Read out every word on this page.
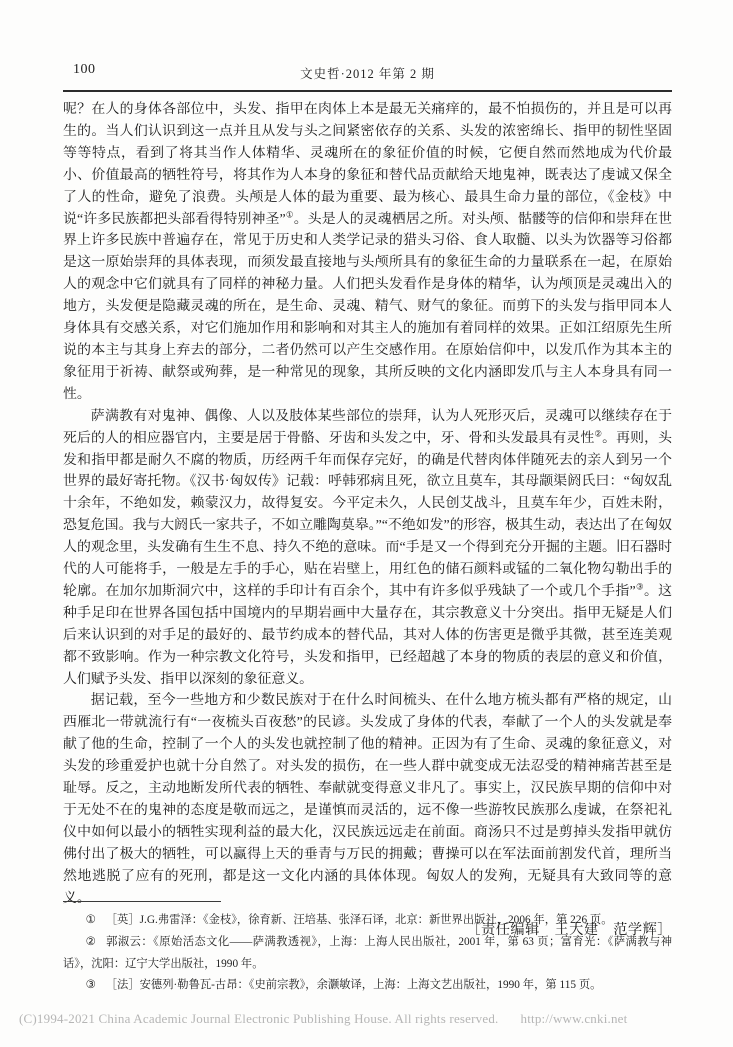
100	文史哲·2012 年第 2 期

呢？在人的身体各部位中，头发、指甲在肉体上本是最无关痛痒的，最不怕损伤的，并且是可以再生的。当人们认识到这一点并且从发与头之间紧密依存的关系、头发的浓密绵长、指甲的韧性坚固等等特点，看到了将其当作人体精华、灵魂所在的象征价值的时候，它便自然而然地成为代价最小、价值最高的牺牲符号，将其作为人本身的象征和替代品贡献给天地鬼神，既表达了虔诚又保全了人的性命，避免了浪费。头颅是人体的最为重要、最为核心、最具生命力量的部位，《金枝》中说“许多民族都把头部看得特别神圣”①。头是人的灵魂栖居之所。对头颅、骷髅等的信仰和崇拜在世界上许多民族中普遍存在，常见于历史和人类学记录的猎头习俗、食人取髓、以头为饮器等习俗都是这一原始崇拜的具体表现，而须发最直接地与头颅所具有的象征生命的力量联系在一起，在原始人的观念中它们就具有了同样的神秘力量。人们把头发看作是身体的精华，认为颅顶是灵魂出入的地方，头发便是隐藏灵魂的所在，是生命、灵魂、精气、财气的象征。而剪下的头发与指甲同本人身体具有交感关系，对它们施加作用和影响和对其主人的施加有着同样的效果。正如江绍原先生所说的本主与其身上弃去的部分，二者仍然可以产生交感作用。在原始信仰中，以发爪作为其本主的象征用于祈祷、献祭或殉葬，是一种常见的现象，其所反映的文化内涵即发爪与主人本身具有同一性。

萨满教有对鬼神、偶像、人以及肢体某些部位的崇拜，认为人死形灭后，灵魂可以继续存在于死后的人的相应器官内，主要是居于骨骼、牙齿和头发之中，牙、骨和头发最具有灵性②。再则，头发和指甲都是耐久不腐的物质，历经两千年而保存完好，的确是代替肉体伴随死去的亲人到另一个世界的最好寄托物。《汉书·匈奴传》记载：呼韩邪病且死，欲立且莫车，其母颛渠阏氏曰：“匈奴乱十余年，不绝如发，赖蒙汉力，故得复安。今平定未久，人民创艾战斗，且莫车年少，百姓未附，恐复危国。我与大阏氏一家共子，不如立雕陶莫皋。”“不绝如发”的形容，极其生动，表达出了在匈奴人的观念里，头发确有生生不息、持久不绝的意味。而“手是又一个得到充分开掘的主题。旧石器时代的人可能将手，一般是左手的手心，贴在岩壁上，用红色的储石颜料或锰的二氧化物勾勒出手的轮廓。在加尔加斯洞穴中，这样的手印计有百余个，其中有许多似乎残缺了一个或几个手指”③。这种手足印在世界各国包括中国境内的早期岩画中大量存在，其宗教意义十分突出。指甲无疑是人们后来认识到的对手足的最好的、最节约成本的替代品，其对人体的伤害更是微乎其微，甚至连美观都不致影响。作为一种宗教文化符号，头发和指甲，已经超越了本身的物质的表层的意义和价值，人们赋予头发、指甲以深刻的象征意义。

据记载，至今一些地方和少数民族对于在什么时间梳头、在什么地方梳头都有严格的规定，山西雁北一带就流行有“一夜梳头百夜愁”的民谚。头发成了身体的代表，奉献了一个人的头发就是奉献了他的生命，控制了一个人的头发也就控制了他的精神。正因为有了生命、灵魂的象征意义，对头发的珍重爱护也就十分自然了。对头发的损伤，在一些人群中就变成无法忍受的精神痛苦甚至是耻辱。反之，主动地断发所代表的牺牲、奉献就变得意义非凡了。事实上，汉民族早期的信仰中对于无处不在的鬼神的态度是敬而远之，是谨慎而灵活的，远不像一些游牧民族那么虔诚，在祭祀礼仪中如何以最小的牺牲实现利益的最大化，汉民族远远走在前面。商汤只不过是剪掉头发指甲就仿佛付出了极大的牺牲，可以赢得上天的垂青与万民的拥戴；曹操可以在军法面前割发代首，理所当然地逃脱了应有的死刑，都是这一文化内涵的具体体现。匈奴人的发殉，无疑具有大致同等的意义。

［责任编辑　王大建　范学辉］

① ［英］J.G.弗雷泽：《金枝》，徐育新、汪培基、张泽石译，北京：新世界出版社，2006 年，第 226 页。

② 郭淑云：《原始活态文化——萨满教透视》，上海：上海人民出版社，2001 年，第 63 页；富育光：《萨满教与神话》，沈阳：辽宁大学出版社，1990 年。

③ ［法］安德列·勒鲁瓦-古昂：《史前宗教》，余灏敏译，上海：上海文艺出版社，1990 年，第 115 页。

(C)1994-2021 China Academic Journal Electronic Publishing House. All rights reserved. http://www.cnki.net
